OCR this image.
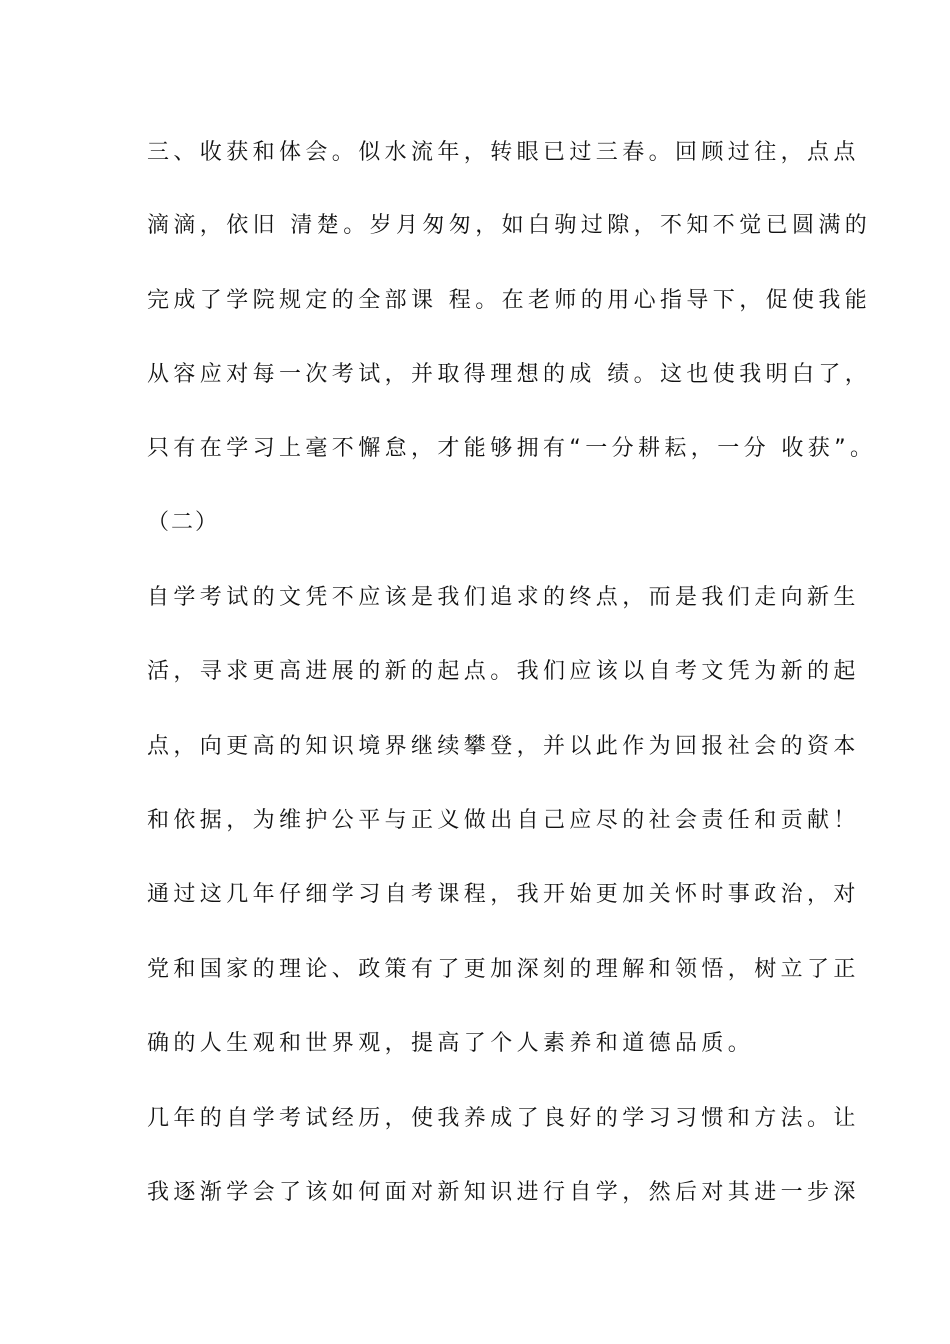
三、收获和体会。似水流年，转眼已过三春。回顾过往，点点
滴滴，依旧 清楚。岁月匆匆，如白驹过隙，不知不觉已圆满的
完成了学院规定的全部课 程。在老师的用心指导下，促使我能
从容应对每一次考试，并取得理想的成 绩。这也使我明白了，
只有在学习上毫不懈怠，才能够拥有“一分耕耘，一分 收获”。
（二）
自学考试的文凭不应该是我们追求的终点，而是我们走向新生
活，寻求更高进展的新的起点。我们应该以自考文凭为新的起
点，向更高的知识境界继续攀登，并以此作为回报社会的资本
和依据，为维护公平与正义做出自己应尽的社会责任和贡献！
通过这几年仔细学习自考课程，我开始更加关怀时事政治，对
党和国家的理论、政策有了更加深刻的理解和领悟，树立了正
确的人生观和世界观，提高了个人素养和道德品质。
几年的自学考试经历，使我养成了良好的学习习惯和方法。让
我逐渐学会了该如何面对新知识进行自学，然后对其进一步深
